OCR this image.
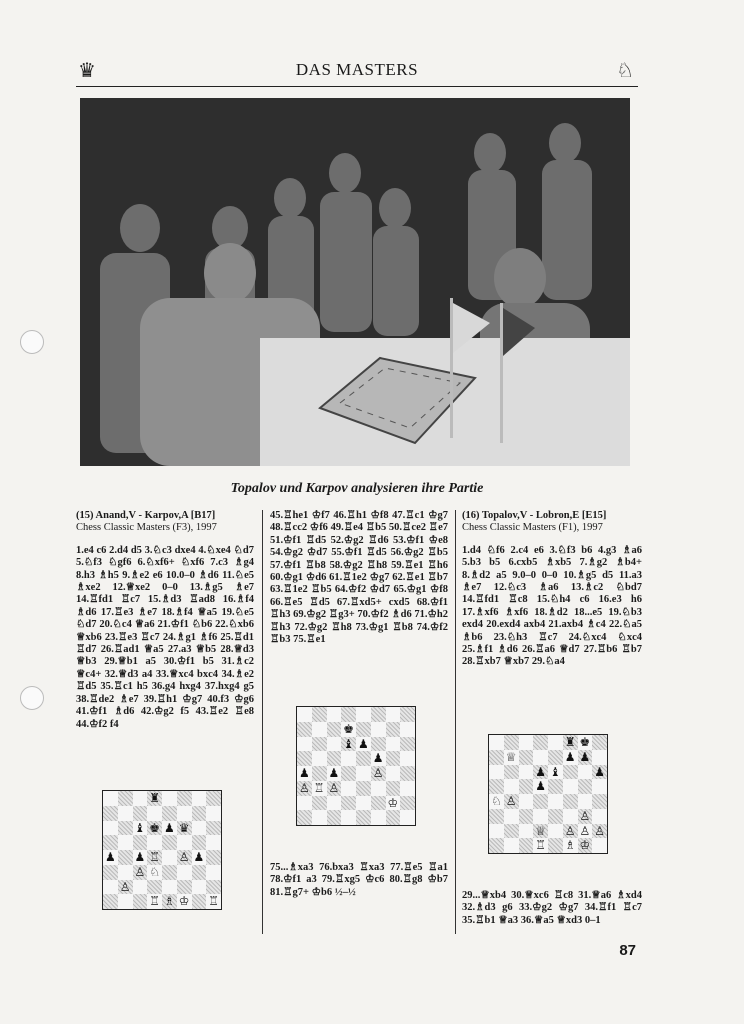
♛	DAS MASTERS	♘
Topalov und Karpov analysieren ihre Partie
(15) Anand,V - Karpov,A [B17]
Chess Classic Masters (F3), 1997
1.e4 c6 2.d4 d5 3.♘c3 dxe4 4.♘xe4 ♘d7 5.♘f3 ♘gf6 6.♘xf6+ ♘xf6 7.c3 ♗g4 8.h3 ♗h5 9.♗e2 e6 10.0–0 ♗d6 11.♘e5 ♗xe2 12.♕xe2 0–0 13.♗g5 ♗e7 14.♖fd1 ♖c7 15.♗d3 ♖ad8 16.♗f4 ♗d6 17.♖e3 ♗e7 18.♗f4 ♕a5 19.♘e5 ♘d7 20.♘c4 ♕a6 21.♔f1 ♘b6 22.♘xb6 ♕xb6 23.♖e3 ♖c7 24.♗g1 ♗f6 25.♖d1 ♖d7 26.♖ad1 ♕a5 27.a3 ♕b5 28.♕d3 ♕b3 29.♕b1 a5 30.♔f1 b5 31.♗c2 ♕c4+ 32.♕d3 a4 33.♕xc4 bxc4 34.♗e2 ♖d5 35.♖c1 h5 36.g4 hxg4 37.hxg4 g5 38.♖de2 ♗e7 39.♖h1 ♔g7 40.f3 ♔g6 41.♔f1 ♗d6 42.♔g2 f5 43.♖e2 ♖e8 44.♔f2 f4
45.♖he1 ♔f7 46.♖h1 ♔f8 47.♖c1 ♔g7 48.♖cc2 ♔f6 49.♖e4 ♖b5 50.♖ce2 ♖e7 51.♔f1 ♖d5 52.♔g2 ♖d6 53.♔f1 ♔e8 54.♔g2 ♔d7 55.♔f1 ♖d5 56.♔g2 ♖b5 57.♔f1 ♖b8 58.♔g2 ♖h8 59.♖e1 ♖h6 60.♔g1 ♔d6 61.♖1e2 ♔g7 62.♖e1 ♖b7 63.♖1e2 ♖b5 64.♔f2 ♔d7 65.♔g1 ♔f8 66.♖e5 ♖d5 67.♖xd5+ cxd5 68.♔f1 ♖h3 69.♔g2 ♖g3+ 70.♔f2 ♗d6 71.♔h2 ♖h3 72.♔g2 ♖h8 73.♔g1 ♖b8 74.♔f2 ♖b3 75.♖e1
75...♗xa3 76.bxa3 ♖xa3 77.♖e5 ♖a1 78.♔f1 a3 79.♖xg5 ♔c6 80.♖g8 ♔b7 81.♖g7+ ♔b6 ½–½
(16) Topalov,V - Lobron,E [E15]
Chess Classic Masters (F1), 1997
1.d4 ♘f6 2.c4 e6 3.♘f3 b6 4.g3 ♗a6 5.b3 b5 6.cxb5 ♗xb5 7.♗g2 ♗b4+ 8.♗d2 a5 9.0–0 0–0 10.♗g5 d5 11.a3 ♗e7 12.♘c3 ♗a6 13.♗c2 ♘bd7 14.♖fd1 ♖c8 15.♘h4 c6 16.e3 h6 17.♗xf6 ♗xf6 18.♗d2 18...e5 19.♘b3 exd4 20.exd4 axb4 21.axb4 ♗c4 22.♘a5 ♗b6 23.♘h3 ♖c7 24.♘xc4 ♘xc4 25.♗f1 ♗d6 26.♖a6 ♕d7 27.♖b6 ♖b7 28.♖xb7 ♕xb7 29.♘a4
29...♕xb4 30.♕xc6 ♖c8 31.♕a6 ♗xd4 32.♗d3 g6 33.♔g2 ♔g7 34.♖f1 ♖c7 35.♖b1 ♕a3 36.♕a5 ♕xd3 0–1
♜
♝ ♚ ♟ ♛
♟ ♟ ♖ ♙ ♟
♙ ♘
♙
♖ ♗ ♔ ♖
♚
♝ ♟
♟
♟ ♟	♙
♙ ♖ ♙
♔
♜ ♚
♕	♟ ♟
♟ ♝	♟
♟
♘ ♙
♙
♕ ♙ ♙ ♙
♖ ♗ ♔
87
